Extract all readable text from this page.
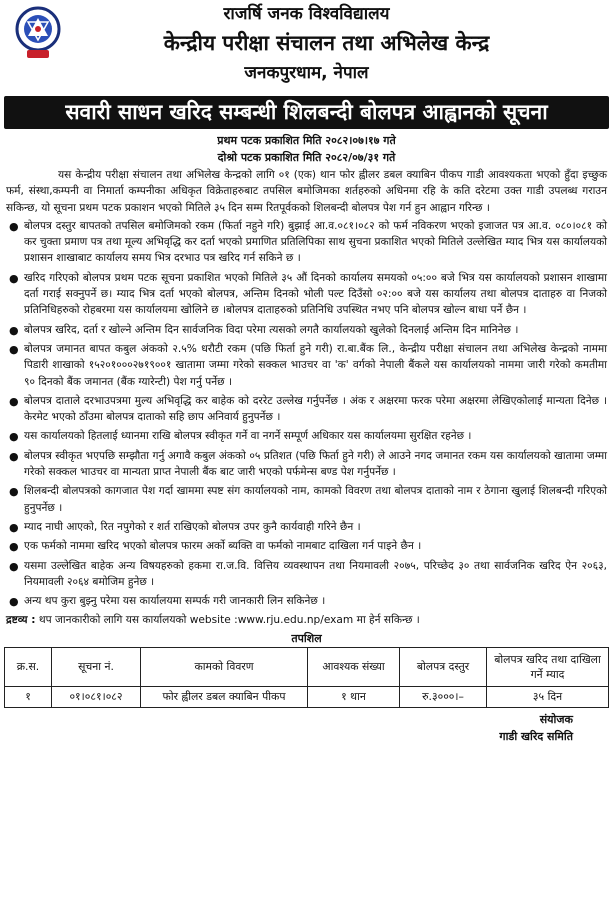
राजर्षि जनक विश्वविद्यालय
केन्द्रीय परीक्षा संचालन तथा अभिलेख केन्द्र
जनकपुरधाम, नेपाल
सवारी साधन खरिद सम्बन्धी शिलबन्दी बोलपत्र आह्वानको सूचना
प्रथम पटक प्रकाशित मिति २०८२।०७।१७ गते
दोश्रो पटक प्रकाशित मिति २०८२/०७/३१ गते

यस केन्द्रीय परीक्षा संचालन तथा अभिलेख केन्द्रको लागि ०१ (एक) थान फोर ह्वीलर डबल क्याबिन पीकप गाडी आवश्यकता भएको हुँदा इच्छुक फर्म, संस्था,कम्पनी वा निमार्ता कम्पनीका अधिकृत विक्रेताहरुबाट तपसिल बमोजिमका शर्तहरुको अधिनमा रहि के कति दरेटमा उक्त गाडी उपलब्ध गराउन सकिन्छ, यो सूचना प्रथम पटक प्रकाशन भएको मितिले ३५ दिन सम्म रितपूर्वकको शिलबन्दी बोलपत्र पेश गर्न हुन आह्वान गरिन्छ ।

● बोलपत्र दस्तुर बापतको तपसिल बमोजिमको रकम (फिर्ता नहुने गरि) बुझाई आ.व.०८१।०८२ को फर्म नविकरण भएको इजाजत पत्र आ.व. ०८०।०८१ को कर चुक्ता प्रमाण पत्र तथा मूल्य अभिवृद्धि कर दर्ता भएको प्रमाणित प्रतिलिपिका साथ सुचना प्रकाशित भएको मितिले उल्लेखित म्याद भित्र यस कार्यालयको प्रशासन शाखाबाट कार्यालय समय भित्र दरभाउ पत्र खरिद गर्न सकिने छ ।
● खरिद गरिएको बोलपत्र प्रथम पटक सूचना प्रकाशित भएको मितिले ३५ औं दिनको कार्यालय समयको ०५:०० बजे भित्र यस कार्यालयको प्रशासन शाखामा दर्ता गराई सक्नुपर्ने छ। म्याद भित्र दर्ता भएको बोलपत्र, अन्तिम दिनको भोली पल्ट दिउँसो ०२:०० बजे यस कार्यालय तथा बोलपत्र दाताहरु वा निजको प्रतिनिधिहरुको रोहबरमा यस कार्यालयमा खोलिने छ ।बोलपत्र दाताहरुको प्रतिनिधि उपस्थित नभए पनि बोलपत्र खोल्न बाधा पर्ने छैन ।
● बोलपत्र खरिद, दर्ता र खोल्ने अन्तिम दिन सार्वजनिक विदा परेमा त्यसको लगतै कार्यालयको खुलेको दिनलाई अन्तिम दिन मानिनेछ ।
● बोलपत्र जमानत बापत कबुल अंकको २.५% धरौटी रकम (पछि फिर्ता हुने गरी) रा.बा.बैंक लि., केन्द्रीय परीक्षा संचालन तथा अभिलेख केन्द्रको नाममा पिडारी शाखाको १५२०१०००२७१९००१ खातामा जम्मा गरेको सक्कल भाउचर वा 'क' वर्गको नेपाली बैंकले यस कार्यालयको नाममा जारी गरेको कमतीमा ९० दिनको बैंक जमानत (बैंक ग्यारेन्टी) पेश गर्नु पर्नेछ ।
● बोलपत्र दाताले दरभाउपत्रमा मुल्य अभिवृद्धि कर बाहेक को दररेट उल्लेख गर्नुपर्नेछ । अंक र अक्षरमा फरक परेमा अक्षरमा लेखिएकोलाई मान्यता दिनेछ । केरमेट भएको ठाँउमा बोलपत्र दाताको सहि छाप अनिवार्य हुनुपर्नेछ ।
● यस कार्यालयको हितलाई ध्यानमा राखि बोलपत्र स्वीकृत गर्ने वा नगर्ने सम्पूर्ण अधिकार यस कार्यालयमा सुरक्षित रहनेछ ।
● बोलपत्र स्वीकृत भएपछि सम्झौता गर्नु अगावै कबुल अंकको ०५ प्रतिशत (पछि फिर्ता हुने गरी) ले आउने नगद जमानत रकम यस कार्यालयको खातामा जम्मा गरेको सक्कल भाउचर वा मान्यता प्राप्त नेपाली बैंक बाट जारी भएको पर्फमेन्स बण्ड पेश गर्नुपर्नेछ ।
● शिलबन्दी बोलपत्रको कागजात पेश गर्दा खाममा स्पष्ट संग कार्यालयको नाम, कामको विवरण तथा बोलपत्र दाताको नाम र ठेगाना खुलाई शिलबन्दी गरिएको हुनुपर्नेछ ।
● म्याद नाघी आएको, रित नपुगेको र शर्त राखिएको बोलपत्र उपर कुनै कार्यवाही गरिने छैन ।
● एक फर्मको नाममा खरिद भएको बोलपत्र फारम अर्को ब्यक्ति वा फर्मको नामबाट दाखिला गर्न पाइने छैन ।
● यसमा उल्लेखित बाहेक अन्य विषयहरुको हकमा रा.ज.वि. वित्तिय व्यवस्थापन तथा नियमावली २०७५, परिच्छेद ३० तथा सार्वजनिक खरिद ऐन २०६३, नियमावली २०६४ बमोजिम हुनेछ ।
● अन्य थप कुरा बुझ्नु परेमा यस कार्यालयमा सम्पर्क गरी जानकारी लिन सकिनेछ ।
द्रष्टव्य : थप जानकारीको लागि यस कार्यालयको website :www.rju.edu.np/exam मा हेर्न सकिन्छ ।
तपशिल
क्र.स.	सूचना नं.	कामको विवरण	आवश्यक संख्या	बोलपत्र दस्तुर	बोलपत्र खरिद तथा दाखिला गर्ने म्याद
१	०१।०८१।०८२	फोर ह्वीलर डबल क्याबिन पीकप	१ थान	रु.३०००।–	३५ दिन
संयोजक
गाडी खरिद समिति
